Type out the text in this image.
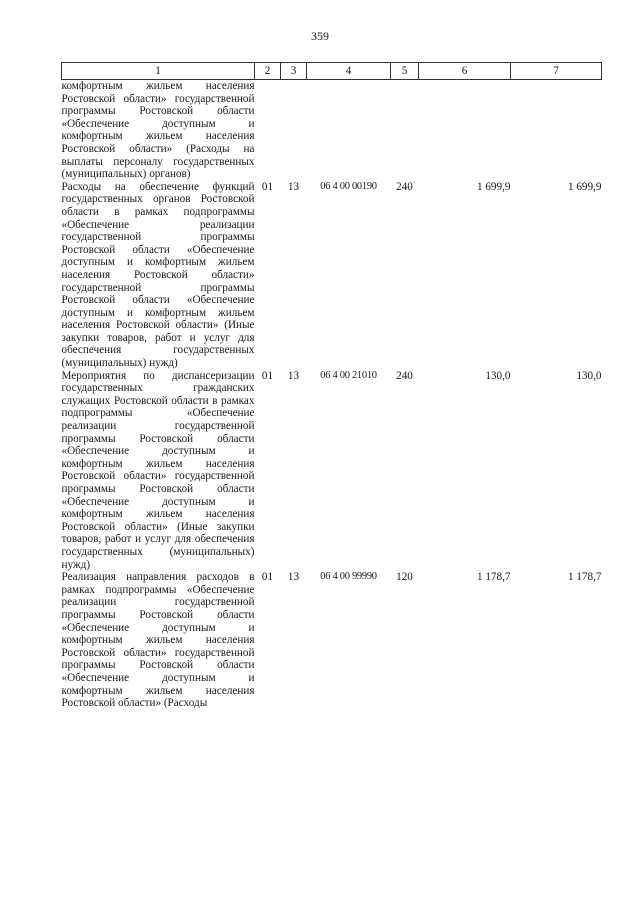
359
1	2	3	4	5	6	7
комфортным жильем населения Ростовской области» государственной программы Ростовской области «Обеспечение доступным и комфортным жильем населения Ростовской области» (Расходы на выплаты персоналу государственных (муниципальных) органов)						
Расходы на обеспечение функций государственных органов Ростовской области в рамках подпрограммы «Обеспечение реализации государственной программы Ростовской области «Обеспечение доступным и комфортным жильем населения Ростовской области» государственной программы Ростовской области «Обеспечение доступным и комфортным жильем населения Ростовской области» (Иные закупки товаров, работ и услуг для обеспечения государственных (муниципальных) нужд)	01	13	06 4 00 00190	240	1 699,9	1 699,9
Мероприятия по диспансеризации государственных гражданских служащих Ростовской области в рамках подпрограммы «Обеспечение реализации государственной программы Ростовской области «Обеспечение доступным и комфортным жильем населения Ростовской области» государственной программы Ростовской области «Обеспечение доступным и комфортным жильем населения Ростовской области» (Иные закупки товаров, работ и услуг для обеспечения государственных (муниципальных) нужд)	01	13	06 4 00 21010	240	130,0	130,0
Реализация направления расходов в рамках подпрограммы «Обеспечение реализации государственной программы Ростовской области «Обеспечение доступным и комфортным жильем населения Ростовской области» государственной программы Ростовской области «Обеспечение доступным и комфортным жильем населения Ростовской области» (Расходы	01	13	06 4 00 99990	120	1 178,7	1 178,7
